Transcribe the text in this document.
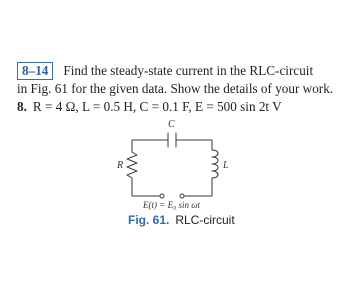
8–14 Find the steady-state current in the RLC-circuit
in Fig. 61 for the given data. Show the details of your work.
8. R = 4 Ω, L = 0.5 H, C = 0.1 F, E = 500 sin 2t V
C
R	L
E(t) = E₀ sin ωt
Fig. 61. RLC-circuit
